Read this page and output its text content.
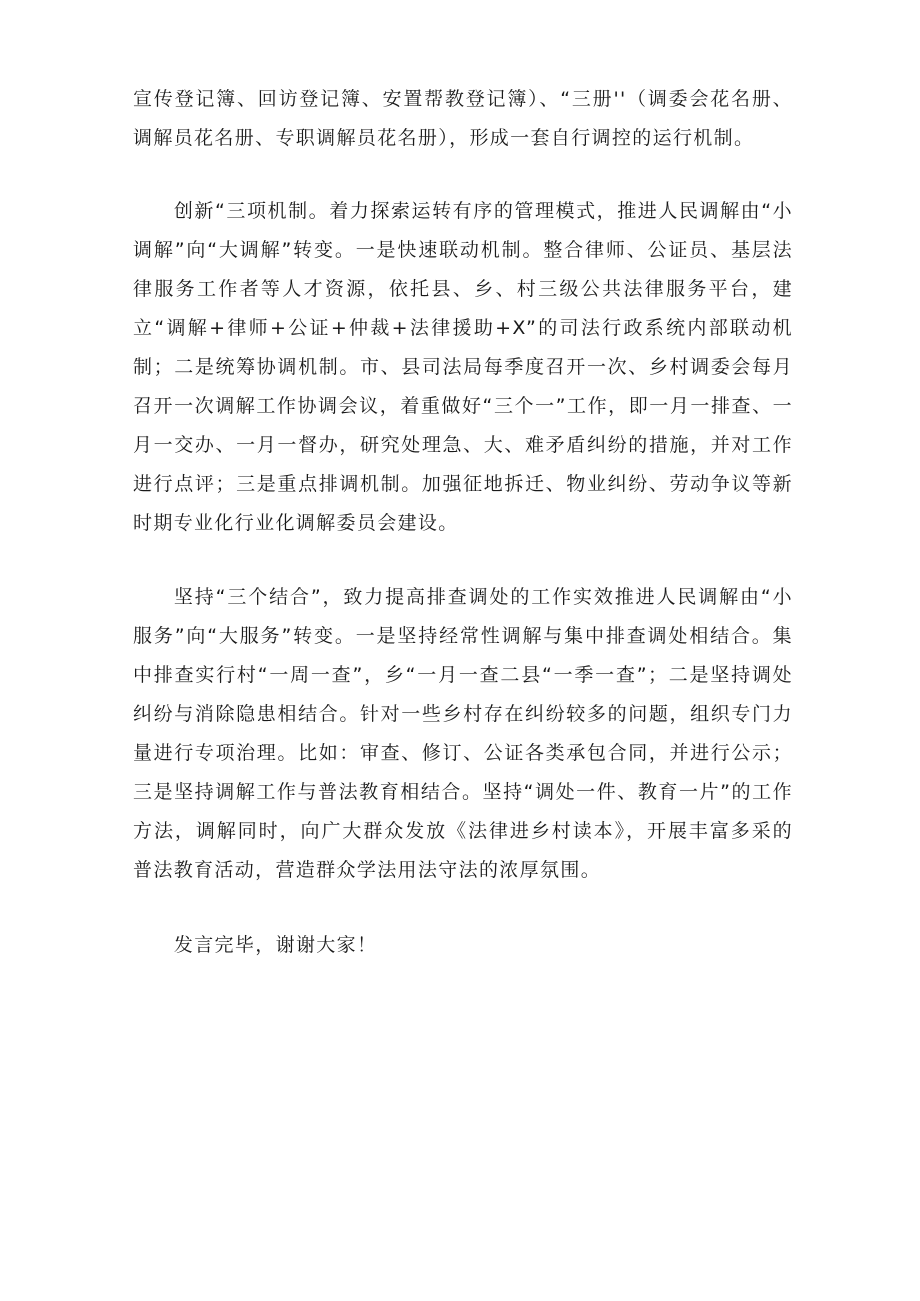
宣传登记簿、回访登记簿、安置帮教登记簿）、“三册''（调委会花名册、调解员花名册、专职调解员花名册），形成一套自行调控的运行机制。

创新“三项机制。着力探索运转有序的管理模式，推进人民调解由“小调解”向“大调解”转变。一是快速联动机制。整合律师、公证员、基层法律服务工作者等人才资源，依托县、乡、村三级公共法律服务平台，建立“调解+律师+公证+仲裁+法律援助+X”的司法行政系统内部联动机制；二是统筹协调机制。市、县司法局每季度召开一次、乡村调委会每月召开一次调解工作协调会议，着重做好“三个一”工作，即一月一排查、一月一交办、一月一督办，研究处理急、大、难矛盾纠纷的措施，并对工作进行点评；三是重点排调机制。加强征地拆迁、物业纠纷、劳动争议等新时期专业化行业化调解委员会建设。

坚持“三个结合”，致力提高排查调处的工作实效推进人民调解由“小服务”向“大服务”转变。一是坚持经常性调解与集中排查调处相结合。集中排查实行村“一周一查”，乡“一月一查二县“一季一查”；二是坚持调处纠纷与消除隐患相结合。针对一些乡村存在纠纷较多的问题，组织专门力量进行专项治理。比如：审查、修订、公证各类承包合同，并进行公示；三是坚持调解工作与普法教育相结合。坚持“调处一件、教育一片”的工作方法，调解同时，向广大群众发放《法律进乡村读本》，开展丰富多采的普法教育活动，营造群众学法用法守法的浓厚氛围。

发言完毕，谢谢大家！
